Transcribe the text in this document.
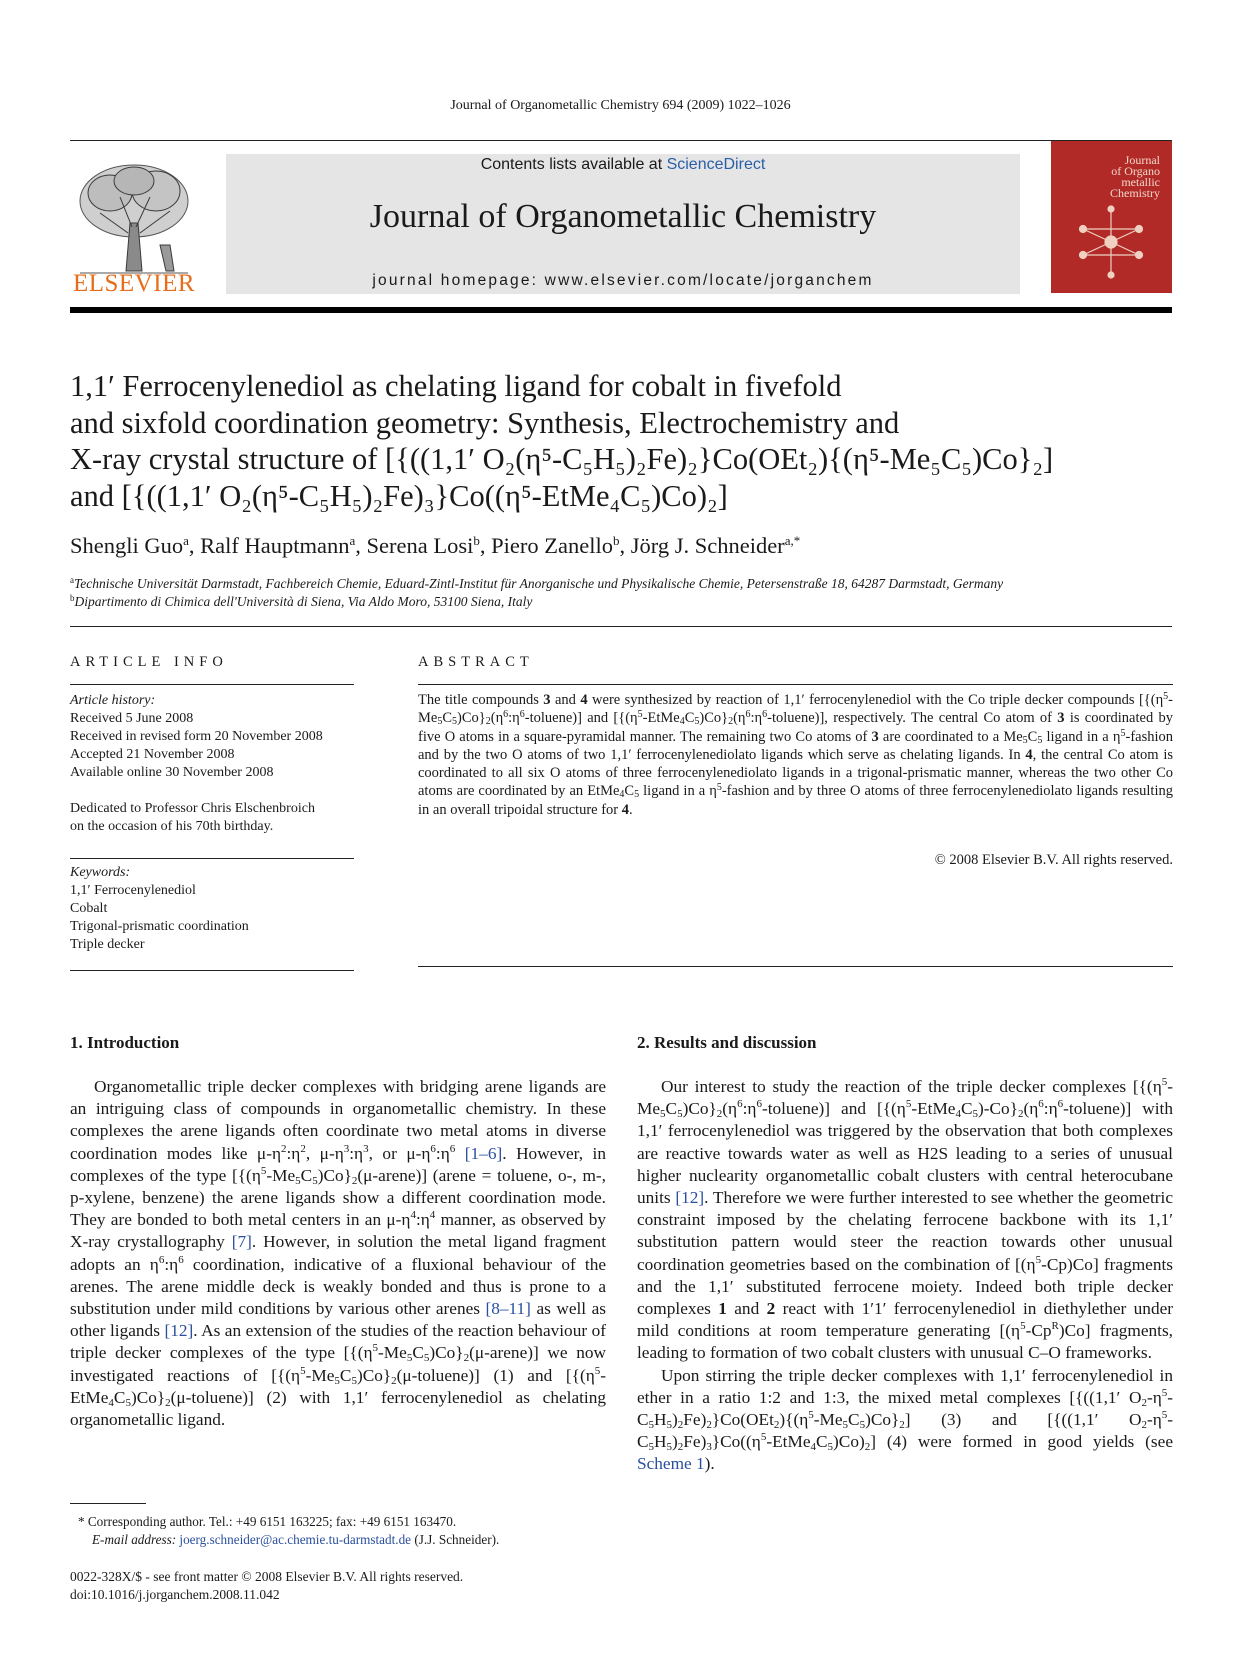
Journal of Organometallic Chemistry 694 (2009) 1022–1026
ELSEVIER
Contents lists available at ScienceDirect
Journal of Organometallic Chemistry
journal homepage: www.elsevier.com/locate/jorganchem
Journal
of Organo
metallic
Chemistry
1,1′ Ferrocenylenediol as chelating ligand for cobalt in fivefold
and sixfold coordination geometry: Synthesis, Electrochemistry and
X-ray crystal structure of [{((1,1′ O₂(η⁵-C₅H₅)₂Fe)₂}Co(OEt₂){(η⁵-Me₅C₅)Co}₂]
and [{((1,1′ O₂(η⁵-C₅H₅)₂Fe)₃}Co((η⁵-EtMe₄C₅)Co)₂]
Shengli Guo$^a$, Ralf Hauptmann$^a$, Serena Losi$^b$, Piero Zanello$^b$, Jörg J. Schneider$^{a,*}$
$^a$Technische Universität Darmstadt, Fachbereich Chemie, Eduard-Zintl-Institut für Anorganische und Physikalische Chemie, Petersenstraße 18, 64287 Darmstadt, Germany
$^b$Dipartimento di Chimica dell'Università di Siena, Via Aldo Moro, 53100 Siena, Italy
ARTICLE INFO
Article history:
Received 5 June 2008
Received in revised form 20 November 2008
Accepted 21 November 2008
Available online 30 November 2008
Dedicated to Professor Chris Elschenbroich
on the occasion of his 70th birthday.
Keywords:
1,1′ Ferrocenylenediol
Cobalt
Trigonal-prismatic coordination
Triple decker
ABSTRACT
The title compounds 3 and 4 were synthesized by reaction of 1,1′ ferrocenylenediol with the Co triple decker compounds $[\{(\eta^5-Me_5C_5)Co\}_2(\eta^6:\eta^6-toluene)]$ and $[\{(\eta^5-EtMe_4C_5)Co\}_2(\eta^6:\eta^6-toluene)]$, respectively. The central Co atom of 3 is coordinated by five O atoms in a square-pyramidal manner. The remaining two Co atoms of 3 are coordinated to a $Me_5C_5$ ligand in a $\eta^5$-fashion and by the two O atoms of two 1,1′ ferrocenylenediolato ligands which serve as chelating ligands. In 4, the central Co atom is coordinated to all six O atoms of three ferrocenylenediolato ligands in a trigonal-prismatic manner, whereas the two other Co atoms are coordinated by an $EtMe_4C_5$ ligand in a $\eta^5$-fashion and by three O atoms of three ferrocenylenediolato ligands resulting in an overall tripoidal structure for 4.
© 2008 Elsevier B.V. All rights reserved.
1. Introduction	2. Results and discussion

Organometallic triple decker complexes with bridging arene ligands are an intriguing class of compounds in organometallic chemistry. In these complexes the arene ligands often coordinate two metal atoms in diverse coordination modes like $\mu-\eta^2:\eta^2$, $\mu-\eta^3:\eta^3$, or $\mu-\eta^6:\eta^6$ [1–6]. However, in complexes of the type $[\{(\eta^5-Me_5C_5)Co\}_2(\mu-arene)]$ (arene = toluene, o-, m-, p-xylene, benzene) the arene ligands show a different coordination mode. They are bonded to both metal centers in an $\mu-\eta^4:\eta^4$ manner, as observed by X-ray crystallography [7]. However, in solution the metal ligand fragment adopts an $\eta^6:\eta^6$ coordination, indicative of a fluxional behaviour of the arenes. The arene middle deck is weakly bonded and thus is prone to a substitution under mild conditions by various other arenes [8–11] as well as other ligands [12]. As an extension of the studies of the reaction behaviour of triple decker complexes of the type $[\{(\eta^5-Me_5C_5)Co\}_2(\mu-arene)]$ we now investigated reactions of $[\{(\eta^5-Me_5C_5)Co\}_2(\mu-toluene)]$ (1) and $[\{(\eta^5-EtMe_4C_5)Co\}_2(\mu-toluene)]$ (2) with 1,1′ ferrocenylenediol as chelating organometallic ligand.

Our interest to study the reaction of the triple decker complexes $[\{(\eta^5-Me_5C_5)Co\}_2(\eta^6:\eta^6-toluene)]$ and $[\{(\eta^5-EtMe_4C_5)-Co\}_2(\eta^6:\eta^6-toluene)]$ with 1,1′ ferrocenylenediol was triggered by the observation that both complexes are reactive towards water as well as H2S leading to a series of unusual higher nuclearity organometallic cobalt clusters with central heterocubane units [12]. Therefore we were further interested to see whether the geometric constraint imposed by the chelating ferrocene backbone with its 1,1′ substitution pattern would steer the reaction towards other unusual coordination geometries based on the combination of $[(\eta^5-Cp)Co]$ fragments and the 1,1′ substituted ferrocene moiety. Indeed both triple decker complexes 1 and 2 react with 1′1′ ferrocenylenediol in diethylether under mild conditions at room temperature generating $[(\eta^5-Cp^R)Co]$ fragments, leading to formation of two cobalt clusters with unusual C–O frameworks.

Upon stirring the triple decker complexes with 1,1′ ferrocenylenediol in ether in a ratio 1:2 and 1:3, the mixed metal complexes [{((1,1′ $O_2-\eta^5-C_5H_5)_2Fe)_2\}Co(OEt_2)\{(\eta^5-Me_5C_5)Co\}_2$] (3) and [{((1,1′ $O_2-\eta^5-C_5H_5)_2Fe)_3\}Co((\eta^5-EtMe_4C_5)Co)_2$] (4) were formed in good yields (see Scheme 1).

* Corresponding author. Tel.: +49 6151 163225; fax: +49 6151 163470.
E-mail address: joerg.schneider@ac.chemie.tu-darmstadt.de (J.J. Schneider).
0022-328X/$ - see front matter © 2008 Elsevier B.V. All rights reserved.
doi:10.1016/j.jorganchem.2008.11.042
